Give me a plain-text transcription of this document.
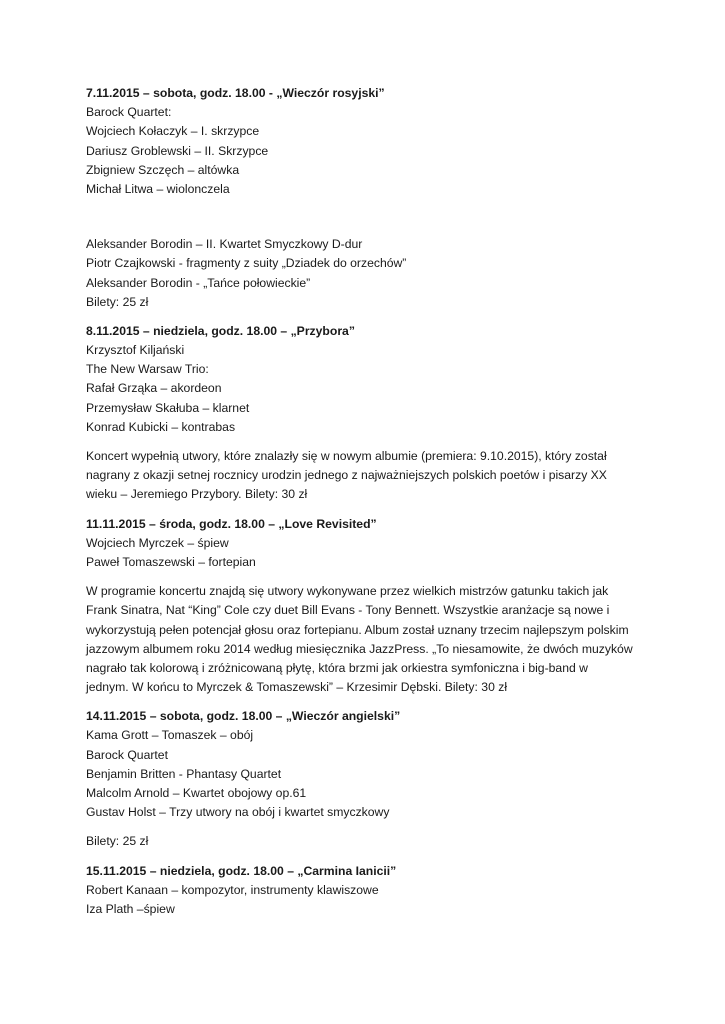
7.11.2015 – sobota, godz. 18.00 - „Wieczór rosyjski”
Barock Quartet:
Wojciech Kołaczyk – I. skrzypce
Dariusz Groblewski – II. Skrzypce
Zbigniew Szczęch – altówka
Michał Litwa – wiolonczela
Aleksander Borodin – II. Kwartet Smyczkowy D-dur
Piotr Czajkowski - fragmenty z suity „Dziadek do orzechów”
Aleksander Borodin - „Tańce połowieckie”
Bilety: 25 zł
8.11.2015 – niedziela, godz. 18.00 – „Przybora”
Krzysztof Kiljański
The New Warsaw Trio:
Rafał Grząka – akordeon
Przemysław Skałuba – klarnet
Konrad Kubicki – kontrabas
Koncert wypełnią utwory, które znalazły się w nowym albumie (premiera: 9.10.2015), który został
nagrany z okazji setnej rocznicy urodzin jednego z najważniejszych polskich poetów i pisarzy XX
wieku – Jeremiego Przybory. Bilety: 30 zł
11.11.2015 – środa, godz. 18.00 – „Love Revisited”
Wojciech Myrczek – śpiew
Paweł Tomaszewski – fortepian
W programie koncertu znajdą się utwory wykonywane przez wielkich mistrzów gatunku takich jak
Frank Sinatra, Nat “King” Cole czy duet Bill Evans - Tony Bennett. Wszystkie aranżacje są nowe i
wykorzystują pełen potencjał głosu oraz fortepianu. Album został uznany trzecim najlepszym polskim
jazzowym albumem roku 2014 według miesięcznika JazzPress. „To niesamowite, że dwóch muzyków
nagrało tak kolorową i zróżnicowaną płytę, która brzmi jak orkiestra symfoniczna i big-band w
jednym. W końcu to Myrczek & Tomaszewski” – Krzesimir Dębski. Bilety: 30 zł
14.11.2015 – sobota, godz. 18.00 – „Wieczór angielski”
Kama Grott – Tomaszek – obój
Barock Quartet
Benjamin Britten - Phantasy Quartet
Malcolm Arnold – Kwartet obojowy op.61
Gustav Holst – Trzy utwory na obój i kwartet smyczkowy
Bilety: 25 zł
15.11.2015 – niedziela, godz. 18.00 – „Carmina Ianicii”
Robert Kanaan – kompozytor, instrumenty klawiszowe
Iza Plath –śpiew
